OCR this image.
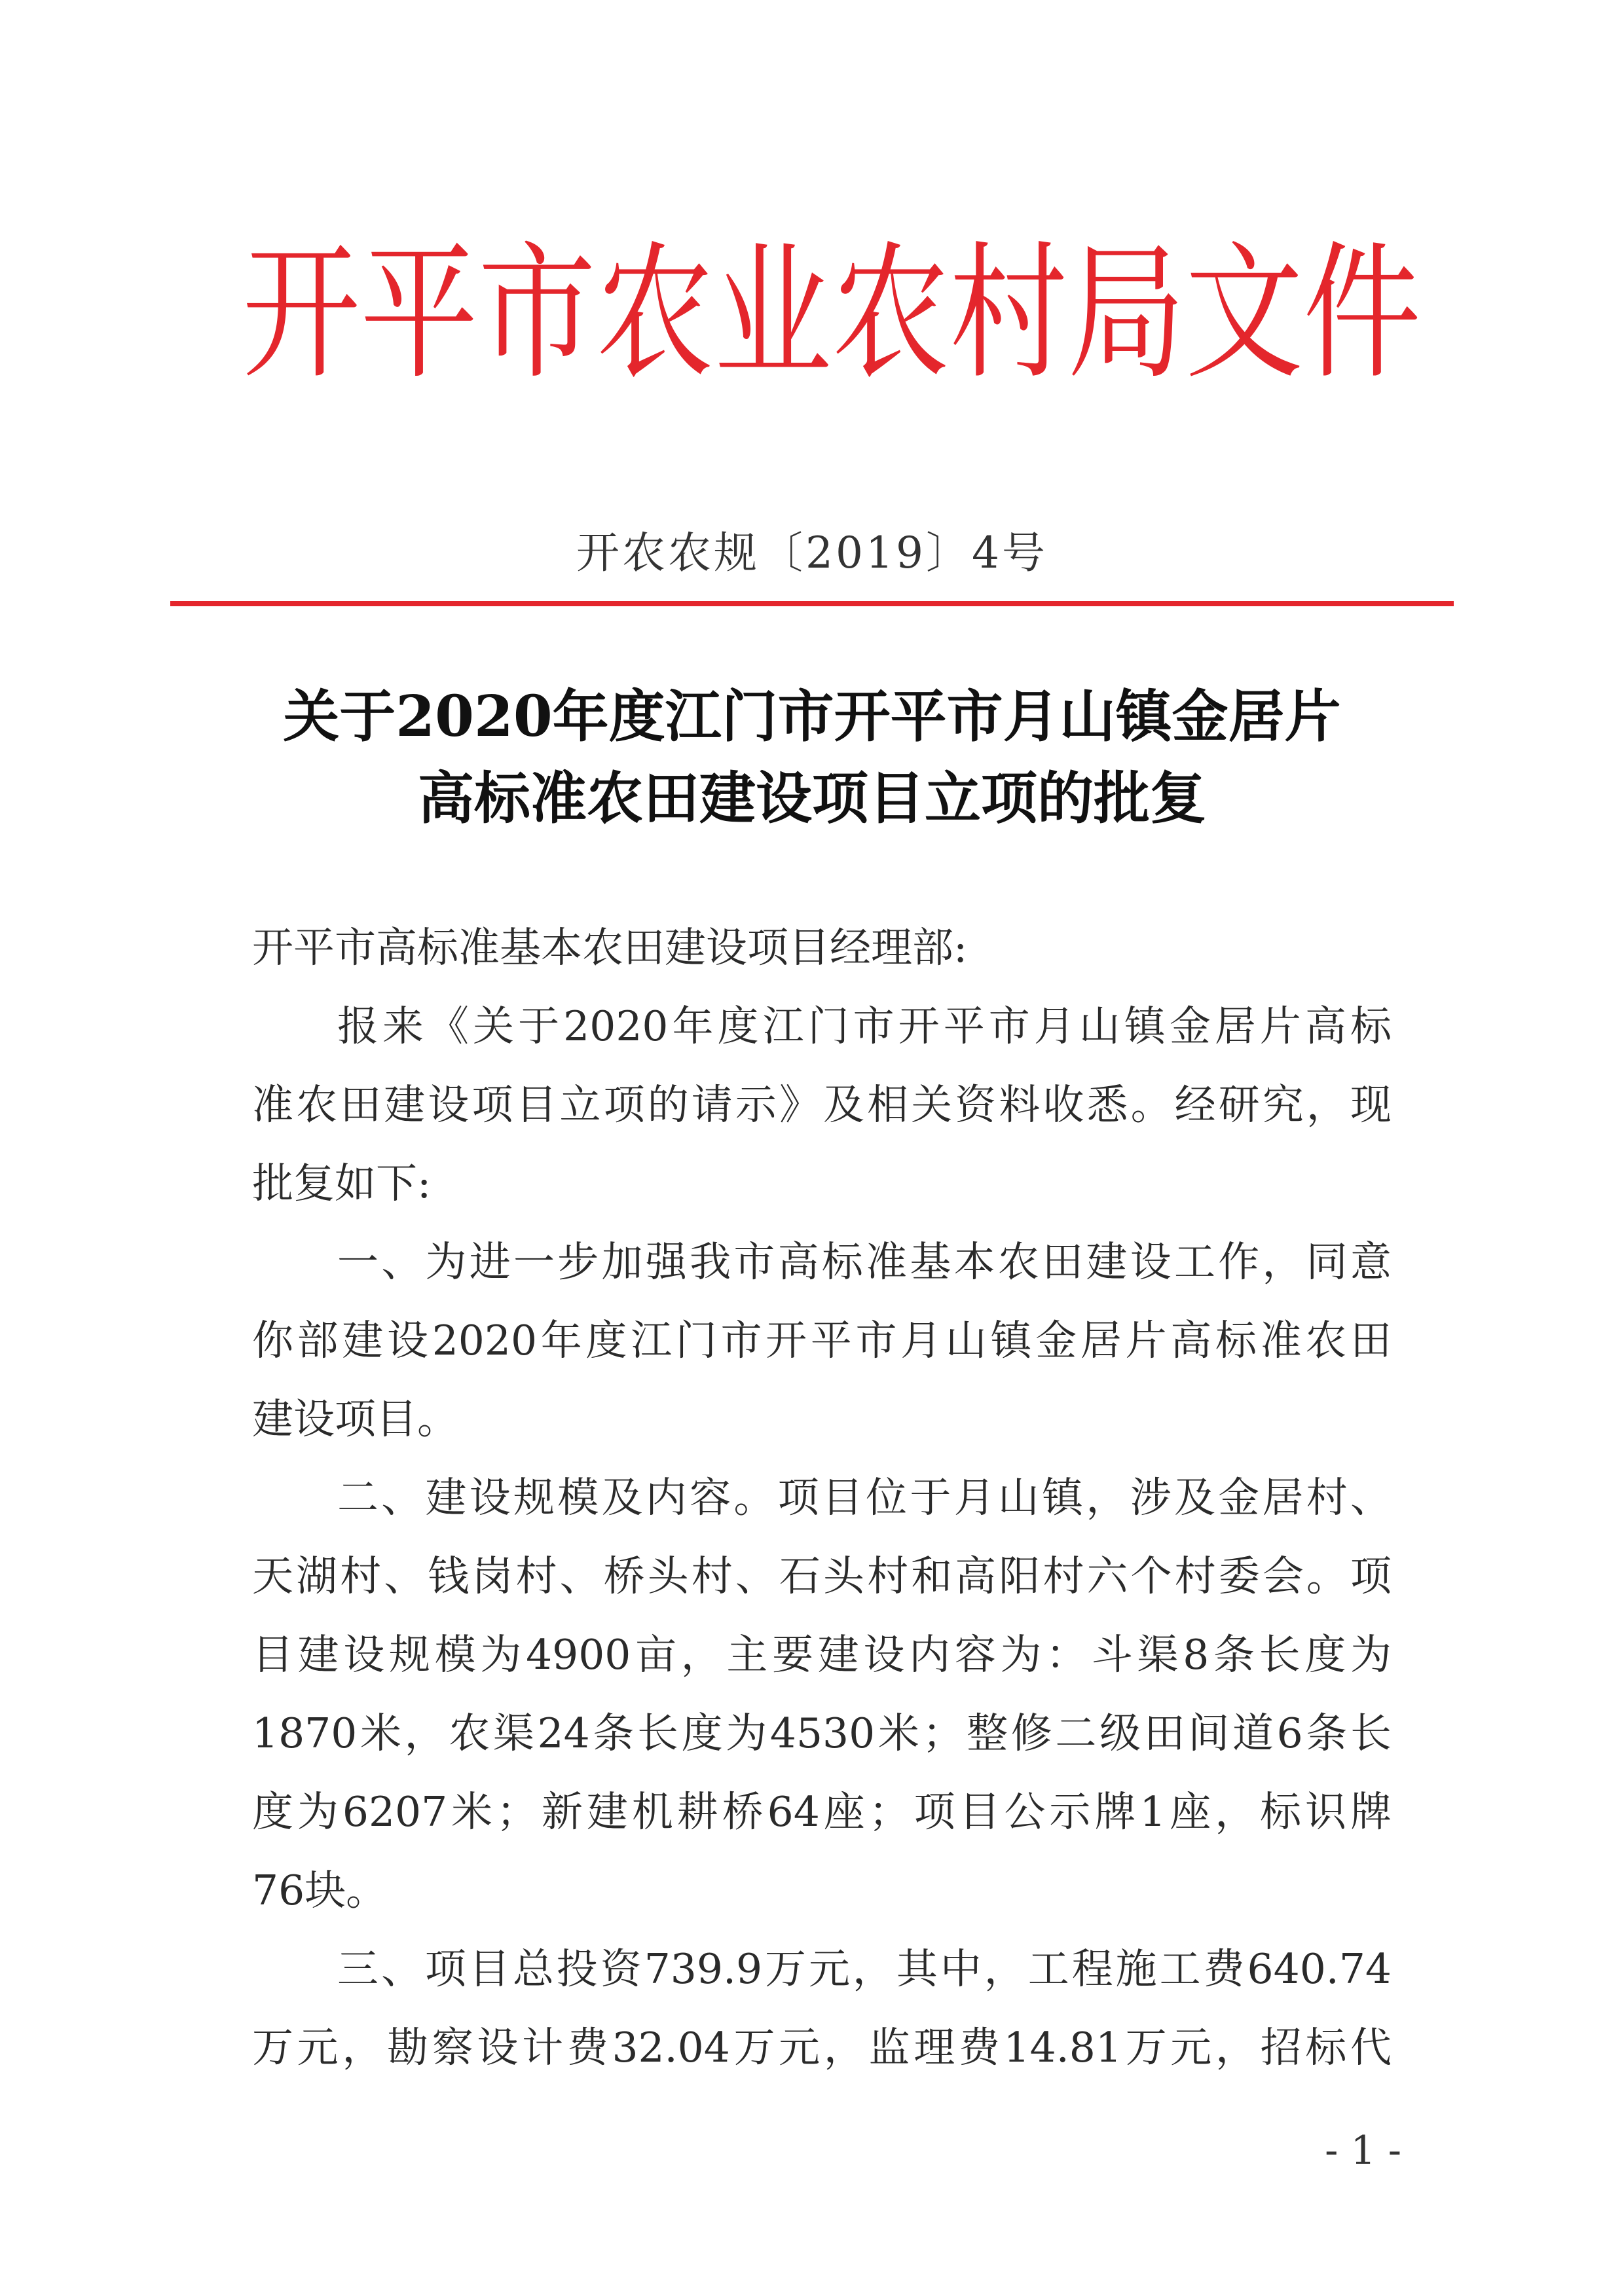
开平市农业农村局文件
开农农规〔2019〕4号
关于2020年度江门市开平市月山镇金居片
高标准农田建设项目立项的批复
开平市高标准基本农田建设项目经理部:
报来《关于2020年度江门市开平市月山镇金居片高标
准农田建设项目立项的请示》及相关资料收悉。经研究，现
批复如下:
一、为进一步加强我市高标准基本农田建设工作，同意
你部建设2020年度江门市开平市月山镇金居片高标准农田
建设项目。
二、建设规模及内容。项目位于月山镇，涉及金居村、
天湖村、钱岗村、桥头村、石头村和高阳村六个村委会。项
目建设规模为4900亩，主要建设内容为：斗渠8条长度为
1870米，农渠24条长度为4530米；整修二级田间道6条长
度为6207米；新建机耕桥64座；项目公示牌1座，标识牌
76块。
三、项目总投资739.9万元，其中，工程施工费640.74
万元，勘察设计费32.04万元，监理费14.81万元，招标代
- 1 -
